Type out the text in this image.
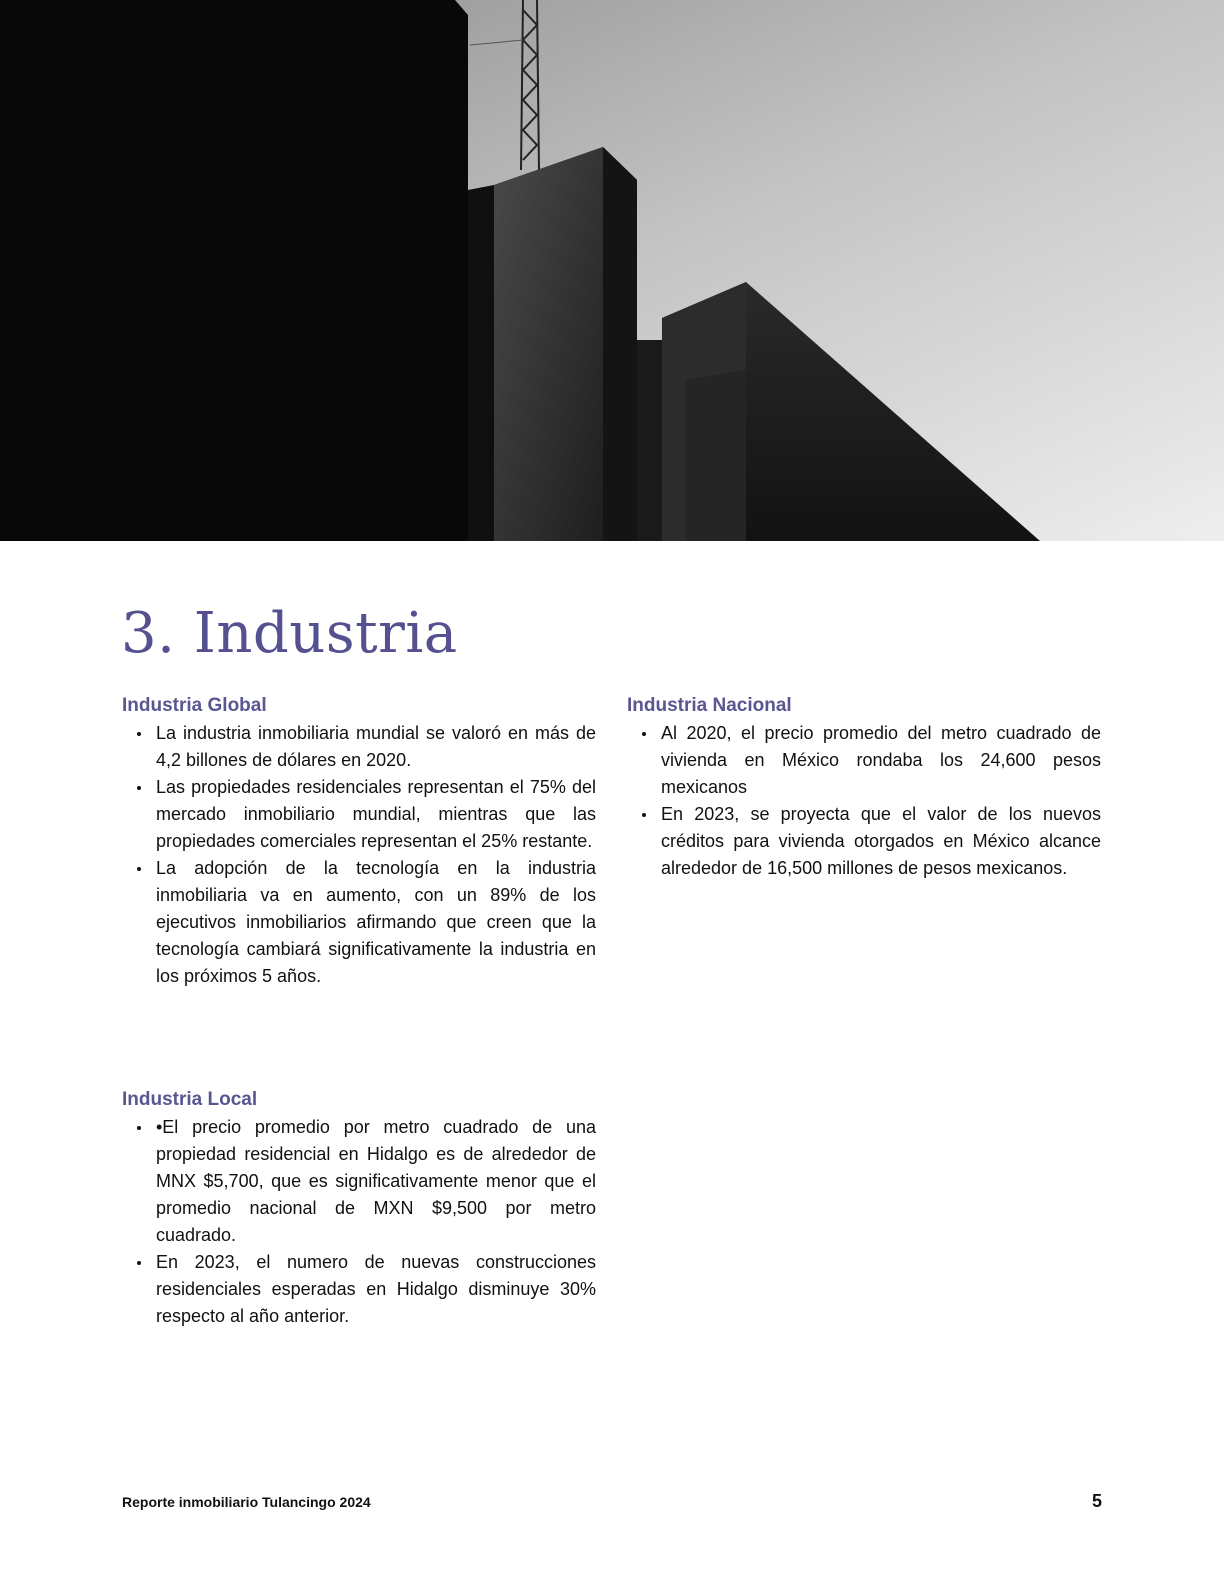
3. Industria
Industria Global
La industria inmobiliaria mundial se valoró en más de 4,2 billones de dólares en 2020.
Las propiedades residenciales representan el 75% del mercado inmobiliario mundial, mientras que las propiedades comerciales representan el 25% restante.
La adopción de la tecnología en la industria inmobiliaria va en aumento, con un 89% de los ejecutivos inmobiliarios afirmando que creen que la tecnología cambiará significativamente la industria en los próximos 5 años.
Industria Nacional
Al 2020, el precio promedio del metro cuadrado de vivienda en México rondaba los 24,600 pesos mexicanos
En 2023, se proyecta que el valor de los nuevos créditos para vivienda otorgados en México alcance alrededor de 16,500 millones de pesos mexicanos.
Industria Local
•El precio promedio por metro cuadrado de una propiedad residencial en Hidalgo es de alrededor de MNX $5,700, que es significativamente menor que el promedio nacional de MXN $9,500 por metro cuadrado.
En 2023, el numero de nuevas construcciones residenciales esperadas en Hidalgo disminuye 30% respecto al año anterior.
Reporte inmobiliario Tulancingo 2024	5
